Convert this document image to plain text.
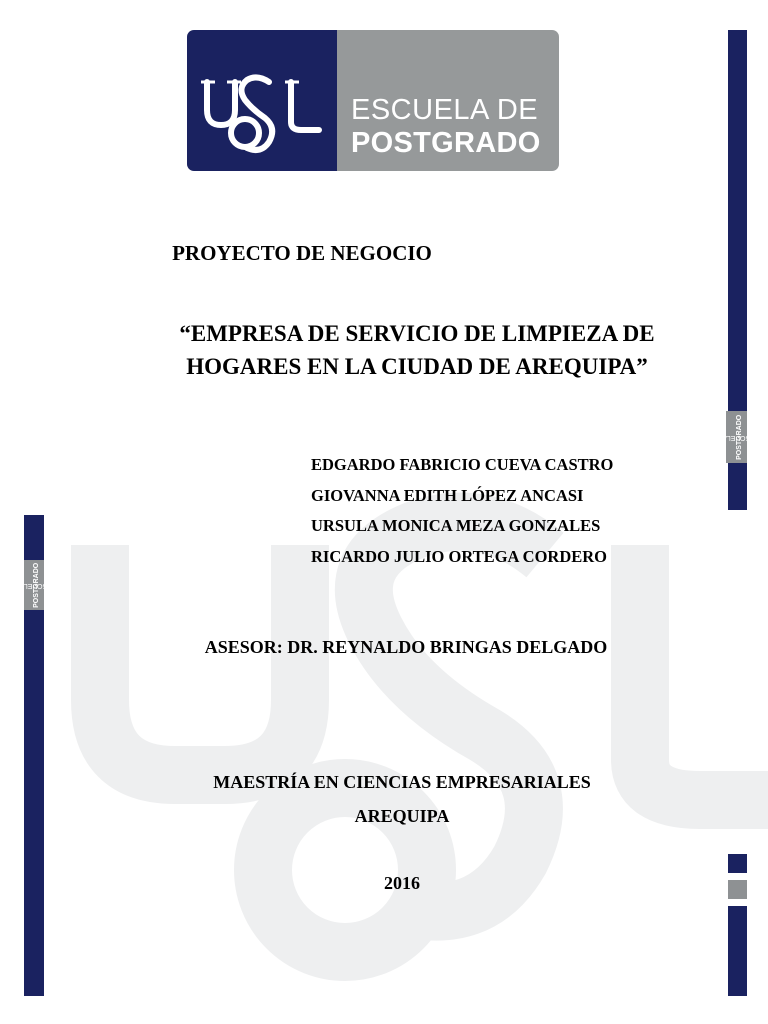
ESCUELA DE
POSTGRADO
ESCUELA DE
POSTGRADO
ESCUELA DE
POSTGRADO
PROYECTO DE NEGOCIO
“EMPRESA DE SERVICIO DE LIMPIEZA DE
HOGARES EN LA CIUDAD DE AREQUIPA”
EDGARDO FABRICIO CUEVA CASTRO
GIOVANNA EDITH LÓPEZ ANCASI
URSULA MONICA MEZA GONZALES
RICARDO JULIO ORTEGA CORDERO
ASESOR: DR. REYNALDO BRINGAS DELGADO
MAESTRÍA EN CIENCIAS EMPRESARIALES
AREQUIPA
2016
